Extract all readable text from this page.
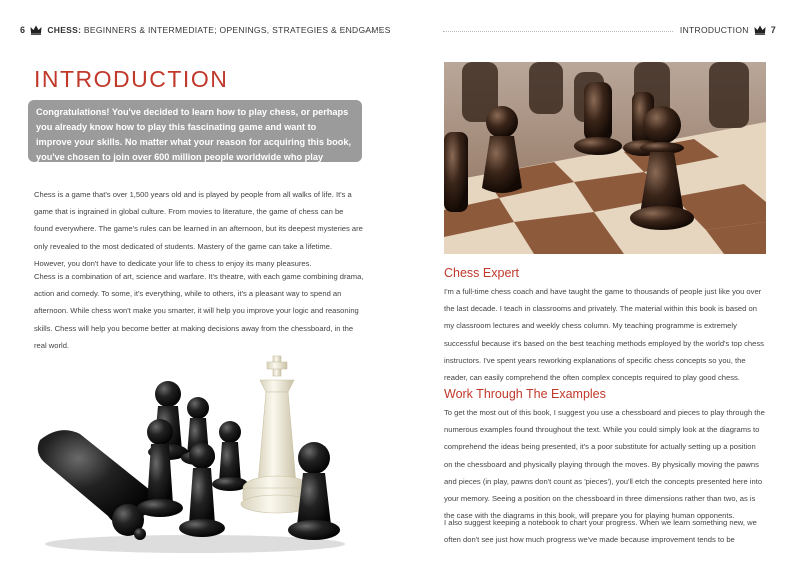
6	CHESS:
BEGINNERS & INTERMEDIATE; OPENINGS, STRATEGIES & ENDGAMES
INTRODUCTION
Congratulations! You've decided to learn how to play chess, or perhaps you already know how to play this fascinating game and want to improve your skills. No matter what your reason for acquiring this book, you've chosen to join over 600 million people worldwide who play chess.

Chess is a game that's over 1,500 years old and is played by people from all walks of life. It's a game that is ingrained in global culture. From movies to literature, the game of chess can be found everywhere. The game's rules can be learned in an afternoon, but its deepest mysteries are only revealed to the most dedicated of students. Mastery of the game can take a lifetime. However, you don't have to dedicate your life to chess to enjoy its many pleasures.

Chess is a combination of art, science and warfare. It's theatre, with each game combining drama, action and comedy. To some, it's everything, while to others, it's a pleasant way to spend an afternoon. While chess won't make you smarter, it will help you improve your logic and reasoning skills. Chess will help you become better at making decisions away from the chessboard, in the real world.

INTRODUCTION 7
Chess Expert

I'm a full-time chess coach and have taught the game to thousands of people just like you over the last decade. I teach in classrooms and privately. The material within this book is based on my classroom lectures and weekly chess column. My teaching programme is extremely successful because it's based on the best teaching methods employed by the world's top chess instructors. I've spent years reworking explanations of specific chess concepts so you, the reader, can easily comprehend the often complex concepts required to play good chess.

Work Through The Examples

To get the most out of this book, I suggest you use a chessboard and pieces to play through the numerous examples found throughout the text. While you could simply look at the diagrams to comprehend the ideas being presented, it's a poor substitute for actually setting up a position on the chessboard and physically playing through the moves. By physically moving the pawns and pieces (in play, pawns don't count as 'pieces'), you'll etch the concepts presented here into your memory. Seeing a position on the chessboard in three dimensions rather than two, as is the case with the diagrams in this book, will prepare you for playing human opponents.

I also suggest keeping a notebook to chart your progress. When we learn something new, we often don't see just how much progress we've made because improvement tends to be
